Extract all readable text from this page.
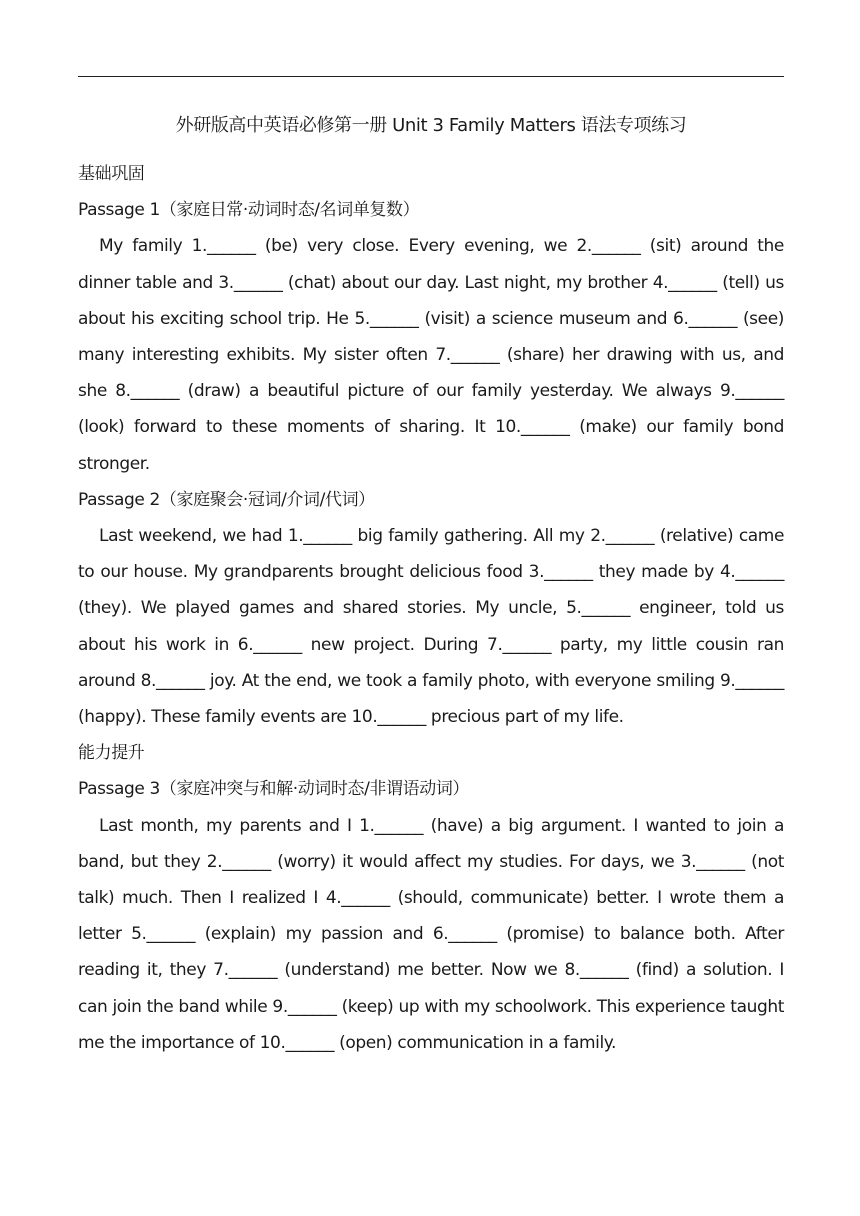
外研版高中英语必修第一册 Unit 3 Family Matters 语法专项练习
基础巩固
Passage 1（家庭日常·动词时态/名词单复数）

My family 1.______ (be) very close. Every evening, we 2.______ (sit) around the dinner table and 3.______ (chat) about our day. Last night, my brother 4.______ (tell) us about his exciting school trip. He 5.______ (visit) a science museum and 6.______ (see) many interesting exhibits. My sister often 7.______ (share) her drawing with us, and she 8.______ (draw) a beautiful picture of our family yesterday. We always 9.______ (look) forward to these moments of sharing. It 10.______ (make) our family bond stronger.

Passage 2（家庭聚会·冠词/介词/代词）

Last weekend, we had 1.______ big family gathering. All my 2.______ (relative) came to our house. My grandparents brought delicious food 3.______ they made by 4.______ (they). We played games and shared stories. My uncle, 5.______ engineer, told us about his work in 6.______ new project. During 7.______ party, my little cousin ran around 8.______ joy. At the end, we took a family photo, with everyone smiling 9.______ (happy). These family events are 10.______ precious part of my life.

能力提升
Passage 3（家庭冲突与和解·动词时态/非谓语动词）

Last month, my parents and I 1.______ (have) a big argument. I wanted to join a band, but they 2.______ (worry) it would affect my studies. For days, we 3.______ (not talk) much. Then I realized I 4.______ (should, communicate) better. I wrote them a letter 5.______ (explain) my passion and 6.______ (promise) to balance both. After reading it, they 7.______ (understand) me better. Now we 8.______ (find) a solution. I can join the band while 9.______ (keep) up with my schoolwork. This experience taught me the importance of 10.______ (open) communication in a family.
